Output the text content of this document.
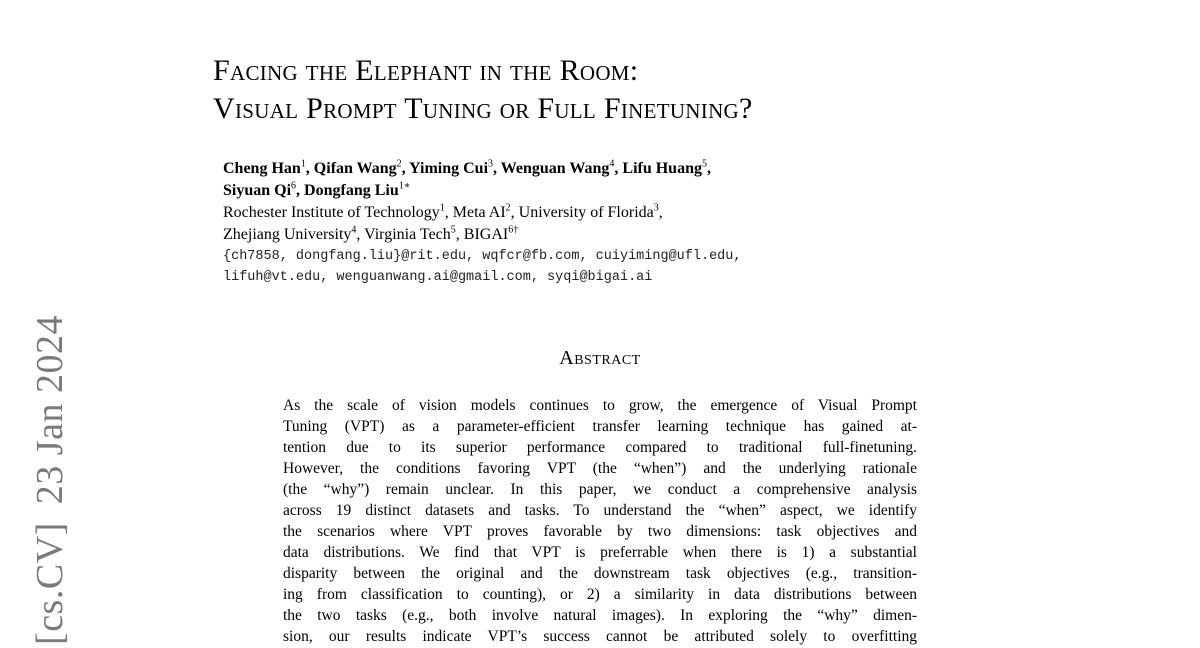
[cs.CV]23 Jan 2024
Facing the Elephant in the Room:
Visual Prompt Tuning or Full Finetuning?
Cheng Han$^1$, Qifan Wang$^2$, Yiming Cui$^3$, Wenguan Wang$^4$, Lifu Huang$^5$,
Siyuan Qi$^6$, Dongfang Liu$^{1∗}$
Rochester Institute of Technology$^1$, Meta $AI^2$, University of Florida$^3$,
Zhejiang University$^4$, Virginia Tech$^5$, $BIGAI^{6\dagger}$
{ch7858, dongfang.liu}@rit.edu, wqfcr@fb.com, cuiyiming@ufl.edu,
lifuh@vt.edu, wenguanwang.ai@gmail.com, syqi@bigai.ai
Abstract
As the scale of vision models continues to grow, the emergence of Visual Prompt
Tuning (VPT) as a parameter-efficient transfer learning technique has gained at-
tention due to its superior performance compared to traditional full-finetuning.
However, the conditions favoring VPT (the “when”) and the underlying rationale
(the “why”) remain unclear. In this paper, we conduct a comprehensive analysis
across 19 distinct datasets and tasks. To understand the “when” aspect, we identify
the scenarios where VPT proves favorable by two dimensions: task objectives and
data distributions. We find that VPT is preferrable when there is 1) a substantial
disparity between the original and the downstream task objectives (e.g., transition-
ing from classification to counting), or 2) a similarity in data distributions between
the two tasks (e.g., both involve natural images). In exploring the “why” dimen-
sion, our results indicate VPT’s success cannot be attributed solely to overfitting
